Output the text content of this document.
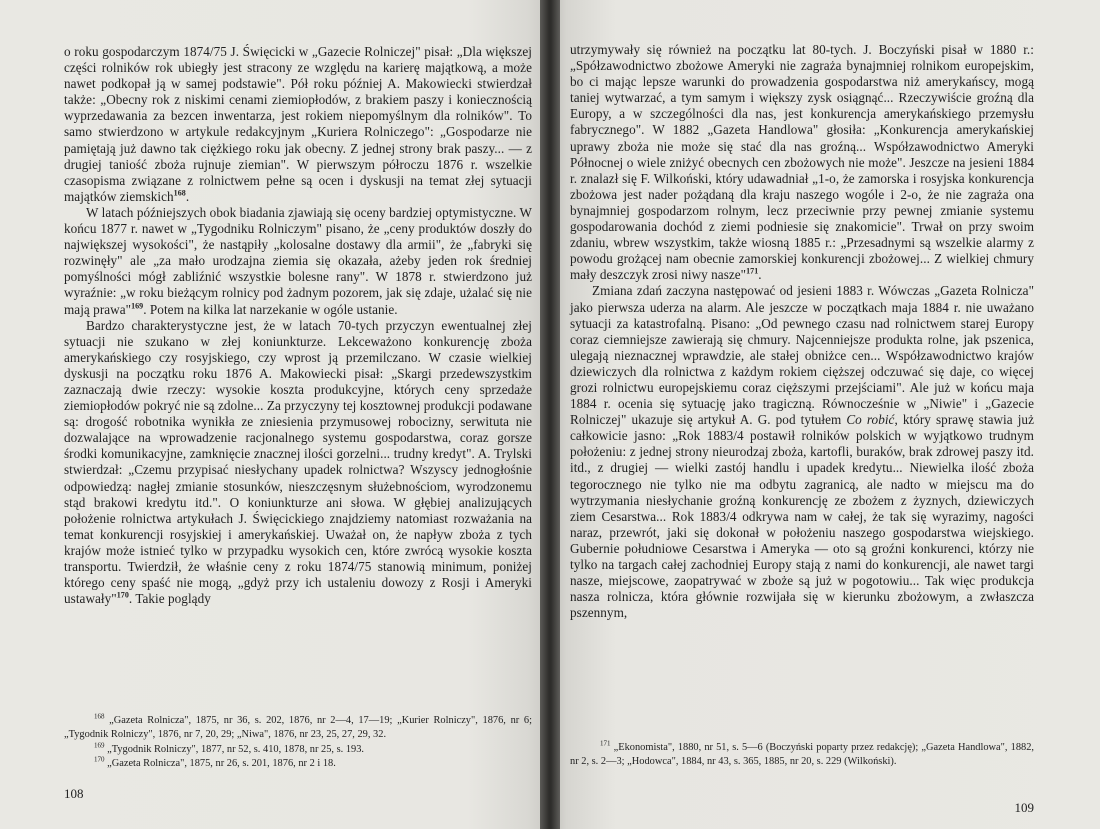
o roku gospodarczym 1874/75 J. Święcicki w „Gazecie Rolniczej" pisał: „Dla większej części rolników rok ubiegły jest stracony ze względu na karierę majątkową, a może nawet podkopał ją w samej podstawie". Pół roku później A. Makowiecki stwierdzał także: „Obecny rok z niskimi cenami ziemiopłodów, z brakiem paszy i koniecznością wyprzedawania za bezcen inwentarza, jest rokiem niepomyślnym dla rolników". To samo stwierdzono w artykule redakcyjnym „Kuriera Rolniczego": „Gospodarze nie pamiętają już dawno tak ciężkiego roku jak obecny. Z jednej strony brak paszy... — z drugiej taniość zboża rujnuje ziemian". W pierwszym półroczu 1876 r. wszelkie czasopisma związane z rolnictwem pełne są ocen i dyskusji na temat złej sytuacji majątków ziemskich$^{168}$.

W latach późniejszych obok biadania zjawiają się oceny bardziej optymistyczne. W końcu 1877 r. nawet w „Tygodniku Rolniczym" pisano, że „ceny produktów doszły do największej wysokości", że nastąpiły „kolosalne dostawy dla armii", że „fabryki się rozwinęły" ale „za mało urodzajna ziemia się okazała, ażeby jeden rok średniej pomyślności mógł zabliźnić wszystkie bolesne rany". W 1878 r. stwierdzono już wyraźnie: „w roku bieżącym rolnicy pod żadnym pozorem, jak się zdaje, użalać się nie mają prawa"$^{169}$. Potem na kilka lat narzekanie w ogóle ustanie.

Bardzo charakterystyczne jest, że w latach 70-tych przyczyn ewentualnej złej sytuacji nie szukano w złej koniunkturze. Lekceważono konkurencję zboża amerykańskiego czy rosyjskiego, czy wprost ją przemilczano. W czasie wielkiej dyskusji na początku roku 1876 A. Makowiecki pisał: „Skargi przedewszystkim zaznaczają dwie rzeczy: wysokie koszta produkcyjne, których ceny sprzedaże ziemiopłodów pokryć nie są zdolne... Za przyczyny tej kosztownej produkcji podawane są: drogość robotnika wynikła ze zniesienia przymusowej robocizny, serwituta nie dozwalające na wprowadzenie racjonalnego systemu gospodarstwa, coraz gorsze środki komunikacyjne, zamknięcie znacznej ilości gorzelni... trudny kredyt". A. Trylski stwierdzał: „Czemu przypisać niesłychany upadek rolnictwa? Wszyscy jednogłośnie odpowiedzą: nagłej zmianie stosunków, nieszczęsnym służebnościom, wyrodzonemu stąd brakowi kredytu itd.". O koniunkturze ani słowa. W głębiej analizujących położenie rolnictwa artykułach J. Święcickiego znajdziemy natomiast rozważania na temat konkurencji rosyjskiej i amerykańskiej. Uważał on, że napływ zboża z tych krajów może istnieć tylko w przypadku wysokich cen, które zwrócą wysokie koszta transportu. Twierdził, że właśnie ceny z roku 1874/75 stanowią minimum, poniżej którego ceny spaść nie mogą, „gdyż przy ich ustaleniu dowozy z Rosji i Ameryki ustawały"$^{170}$. Takie poglądy

$^{168}$ „Gazeta Rolnicza", 1875, nr 36, s. 202, 1876, nr 2—4, 17—19; „Kurier Rolniczy", 1876, nr 6; „Tygodnik Rolniczy", 1876, nr 7, 20, 29; „Niwa", 1876, nr 23, 25, 27, 29, 32.

$^{169}$ „Tygodnik Rolniczy", 1877, nr 52, s. 410, 1878, nr 25, s. 193.

$^{170}$ „Gazeta Rolnicza", 1875, nr 26, s. 201, 1876, nr 2 i 18.

108

utrzymywały się również na początku lat 80-tych. J. Boczyński pisał w 1880 r.: „Spółzawodnictwo zbożowe Ameryki nie zagraża bynajmniej rolnikom europejskim, bo ci mając lepsze warunki do prowadzenia gospodarstwa niż amerykańscy, mogą taniej wytwarzać, a tym samym i większy zysk osiągnąć... Rzeczywiście groźną dla Europy, a w szczególności dla nas, jest konkurencja amerykańskiego przemysłu fabrycznego". W 1882 „Gazeta Handlowa" głosiła: „Konkurencja amerykańskiej uprawy zboża nie może się stać dla nas groźną... Współzawodnictwo Ameryki Północnej o wiele zniżyć obecnych cen zbożowych nie może". Jeszcze na jesieni 1884 r. znalazł się F. Wilkoński, który udawadniał „1-o, że zamorska i rosyjska konkurencja zbożowa jest nader pożądaną dla kraju naszego wogóle i 2-o, że nie zagraża ona bynajmniej gospodarzom rolnym, lecz przeciwnie przy pewnej zmianie systemu gospodarowania dochód z ziemi podniesie się znakomicie". Trwał on przy swoim zdaniu, wbrew wszystkim, także wiosną 1885 r.: „Przesadnymi są wszelkie alarmy z powodu grożącej nam obecnie zamorskiej konkurencji zbożowej... Z wielkiej chmury mały deszczyk zrosi niwy nasze"$^{171}$.

Zmiana zdań zaczyna następować od jesieni 1883 r. Wówczas „Gazeta Rolnicza" jako pierwsza uderza na alarm. Ale jeszcze w początkach maja 1884 r. nie uważano sytuacji za katastrofalną. Pisano: „Od pewnego czasu nad rolnictwem starej Europy coraz ciemniejsze zawierają się chmury. Najcenniejsze produkta rolne, jak pszenica, ulegają nieznacznej wprawdzie, ale stałej obniżce cen... Współzawodnictwo krajów dziewiczych dla rolnictwa z każdym rokiem cięższej odczuwać się daje, co więcej grozi rolnictwu europejskiemu coraz cięższymi przejściami". Ale już w końcu maja 1884 r. ocenia się sytuację jako tragiczną. Równocześnie w „Niwie" i „Gazecie Rolniczej" ukazuje się artykuł A. G. pod tytułem Co robić, który sprawę stawia już całkowicie jasno: „Rok 1883/4 postawił rolników polskich w wyjątkowo trudnym położeniu: z jednej strony nieurodzaj zboża, kartofli, buraków, brak zdrowej paszy itd. itd., z drugiej — wielki zastój handlu i upadek kredytu... Niewielka ilość zboża tegorocznego nie tylko nie ma odbytu zagranicą, ale nadto w miejscu ma do wytrzymania niesłychanie groźną konkurencję ze zbożem z żyznych, dziewiczych ziem Cesarstwa... Rok 1883/4 odkrywa nam w całej, że tak się wyrazimy, nagości naraz, przewrót, jaki się dokonał w położeniu naszego gospodarstwa wiejskiego. Gubernie południowe Cesarstwa i Ameryka — oto są groźni konkurenci, którzy nie tylko na targach całej zachodniej Europy stają z nami do konkurencji, ale nawet targi nasze, miejscowe, zaopatrywać w zboże są już w pogotowiu... Tak więc produkcja nasza rolnicza, która głównie rozwijała się w kierunku zbożowym, a zwłaszcza pszennym,

$^{171}$ „Ekonomista", 1880, nr 51, s. 5—6 (Boczyński poparty przez redakcję); „Gazeta Handlowa", 1882, nr 2, s. 2—3; „Hodowca", 1884, nr 43, s. 365, 1885, nr 20, s. 229 (Wilkoński).

109
